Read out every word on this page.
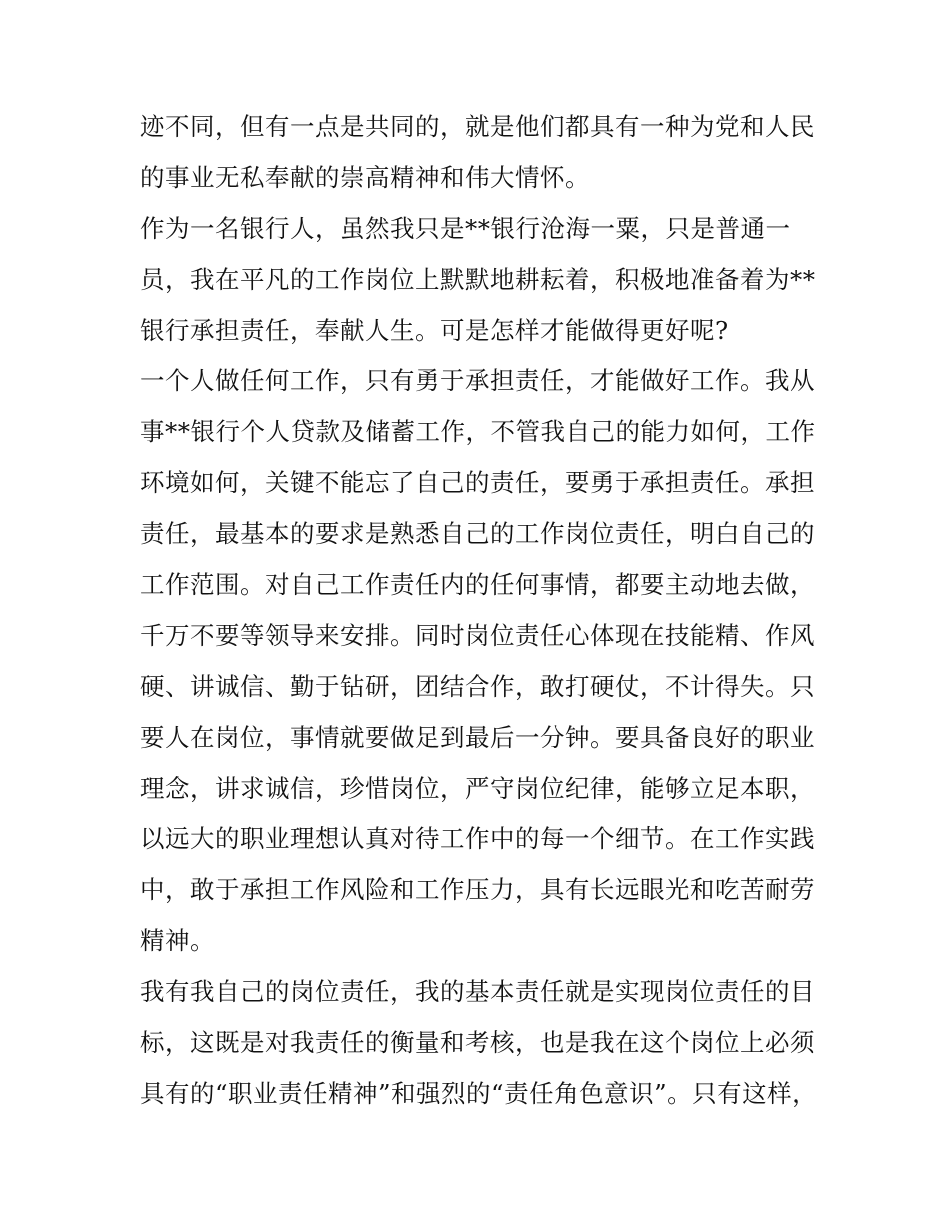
迹不同，但有一点是共同的，就是他们都具有一种为党和人民
的事业无私奉献的崇高精神和伟大情怀。
作为一名银行人，虽然我只是**银行沧海一粟，只是普通一
员，我在平凡的工作岗位上默默地耕耘着，积极地准备着为**
银行承担责任，奉献人生。可是怎样才能做得更好呢?
一个人做任何工作，只有勇于承担责任，才能做好工作。我从
事**银行个人贷款及储蓄工作，不管我自己的能力如何，工作
环境如何，关键不能忘了自己的责任，要勇于承担责任。承担
责任，最基本的要求是熟悉自己的工作岗位责任，明白自己的
工作范围。对自己工作责任内的任何事情，都要主动地去做，
千万不要等领导来安排。同时岗位责任心体现在技能精、作风
硬、讲诚信、勤于钻研，团结合作，敢打硬仗，不计得失。只
要人在岗位，事情就要做足到最后一分钟。要具备良好的职业
理念，讲求诚信，珍惜岗位，严守岗位纪律，能够立足本职，
以远大的职业理想认真对待工作中的每一个细节。在工作实践
中，敢于承担工作风险和工作压力，具有长远眼光和吃苦耐劳
精神。
我有我自己的岗位责任，我的基本责任就是实现岗位责任的目
标，这既是对我责任的衡量和考核，也是我在这个岗位上必须
具有的“职业责任精神”和强烈的“责任角色意识”。只有这样，
